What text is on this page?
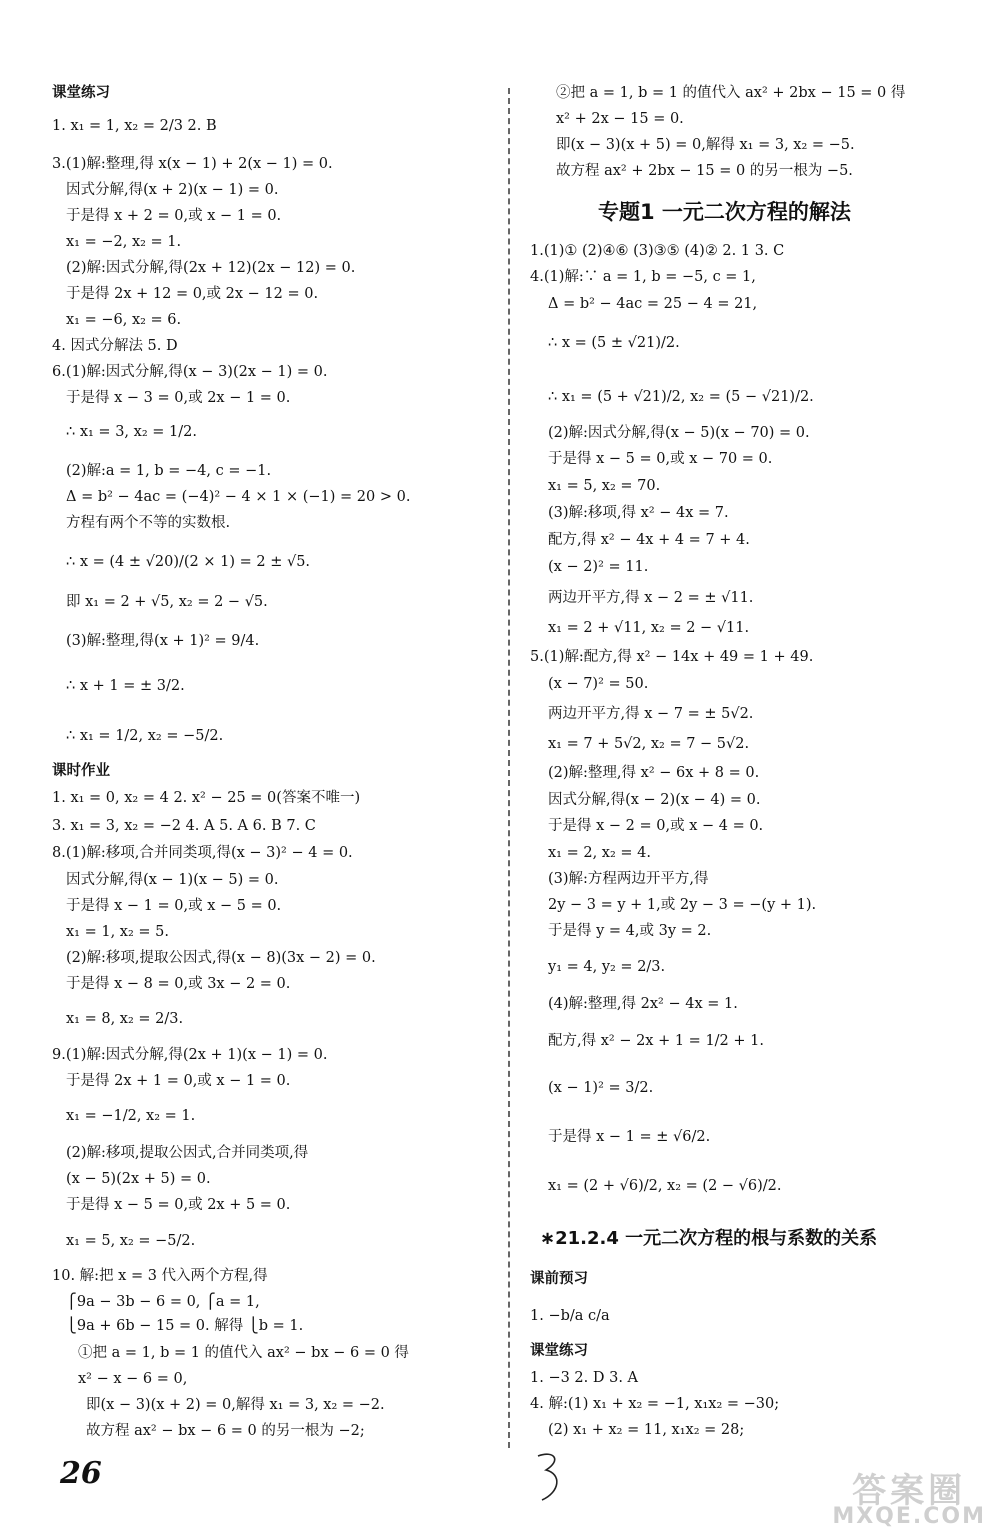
课堂练习
1. x₁ = 1, x₂ = 2/3 2. B
3.(1)解:整理,得 x(x − 1) + 2(x − 1) = 0.
因式分解,得(x + 2)(x − 1) = 0.
于是得 x + 2 = 0,或 x − 1 = 0.
x₁ = −2, x₂ = 1.
(2)解:因式分解,得(2x + 12)(2x − 12) = 0.
于是得 2x + 12 = 0,或 2x − 12 = 0.
x₁ = −6, x₂ = 6.
4. 因式分解法 5. D
6.(1)解:因式分解,得(x − 3)(2x − 1) = 0.
于是得 x − 3 = 0,或 2x − 1 = 0.
∴ x₁ = 3, x₂ = 1/2.
(2)解:a = 1, b = −4, c = −1.
Δ = b² − 4ac = (−4)² − 4 × 1 × (−1) = 20 > 0.
方程有两个不等的实数根.
∴ x = (4 ± √20)/(2 × 1) = 2 ± √5.
即 x₁ = 2 + √5, x₂ = 2 − √5.
(3)解:整理,得(x + 1)² = 9/4.
∴ x + 1 = ± 3/2.
∴ x₁ = 1/2, x₂ = −5/2.
课时作业
1. x₁ = 0, x₂ = 4 2. x² − 25 = 0(答案不唯一)
3. x₁ = 3, x₂ = −2 4. A 5. A 6. B 7. C
8.(1)解:移项,合并同类项,得(x − 3)² − 4 = 0.
因式分解,得(x − 1)(x − 5) = 0.
于是得 x − 1 = 0,或 x − 5 = 0.
x₁ = 1, x₂ = 5.
(2)解:移项,提取公因式,得(x − 8)(3x − 2) = 0.
于是得 x − 8 = 0,或 3x − 2 = 0.
x₁ = 8, x₂ = 2/3.
9.(1)解:因式分解,得(2x + 1)(x − 1) = 0.
于是得 2x + 1 = 0,或 x − 1 = 0.
x₁ = −1/2, x₂ = 1.
(2)解:移项,提取公因式,合并同类项,得
(x − 5)(2x + 5) = 0.
于是得 x − 5 = 0,或 2x + 5 = 0.
x₁ = 5, x₂ = −5/2.
10. 解:把 x = 3 代入两个方程,得
⎧9a − 3b − 6 = 0, ⎧a = 1,
⎩9a + 6b − 15 = 0. 解得 ⎩b = 1.
①把 a = 1, b = 1 的值代入 ax² − bx − 6 = 0 得
x² − x − 6 = 0,
即(x − 3)(x + 2) = 0,解得 x₁ = 3, x₂ = −2.
故方程 ax² − bx − 6 = 0 的另一根为 −2;
②把 a = 1, b = 1 的值代入 ax² + 2bx − 15 = 0 得
x² + 2x − 15 = 0.
即(x − 3)(x + 5) = 0,解得 x₁ = 3, x₂ = −5.
故方程 ax² + 2bx − 15 = 0 的另一根为 −5.
专题1 一元二次方程的解法
1.(1)① (2)④⑥ (3)③⑤ (4)② 2. 1 3. C
4.(1)解:∵ a = 1, b = −5, c = 1,
Δ = b² − 4ac = 25 − 4 = 21,
∴ x = (5 ± √21)/2.
∴ x₁ = (5 + √21)/2, x₂ = (5 − √21)/2.
(2)解:因式分解,得(x − 5)(x − 70) = 0.
于是得 x − 5 = 0,或 x − 70 = 0.
x₁ = 5, x₂ = 70.
(3)解:移项,得 x² − 4x = 7.
配方,得 x² − 4x + 4 = 7 + 4.
(x − 2)² = 11.
两边开平方,得 x − 2 = ± √11.
x₁ = 2 + √11, x₂ = 2 − √11.
5.(1)解:配方,得 x² − 14x + 49 = 1 + 49.
(x − 7)² = 50.
两边开平方,得 x − 7 = ± 5√2.
x₁ = 7 + 5√2, x₂ = 7 − 5√2.
(2)解:整理,得 x² − 6x + 8 = 0.
因式分解,得(x − 2)(x − 4) = 0.
于是得 x − 2 = 0,或 x − 4 = 0.
x₁ = 2, x₂ = 4.
(3)解:方程两边开平方,得
2y − 3 = y + 1,或 2y − 3 = −(y + 1).
于是得 y = 4,或 3y = 2.
y₁ = 4, y₂ = 2/3.
(4)解:整理,得 2x² − 4x = 1.
配方,得 x² − 2x + 1 = 1/2 + 1.
(x − 1)² = 3/2.
于是得 x − 1 = ± √6/2.
x₁ = (2 + √6)/2, x₂ = (2 − √6)/2.
∗21.2.4 一元二次方程的根与系数的关系
课前预习
1. −b/a c/a
课堂练习
1. −3 2. D 3. A
4. 解:(1) x₁ + x₂ = −1, x₁x₂ = −30;
(2) x₁ + x₂ = 11, x₁x₂ = 28;
26	答案圈
MXQE.COM
